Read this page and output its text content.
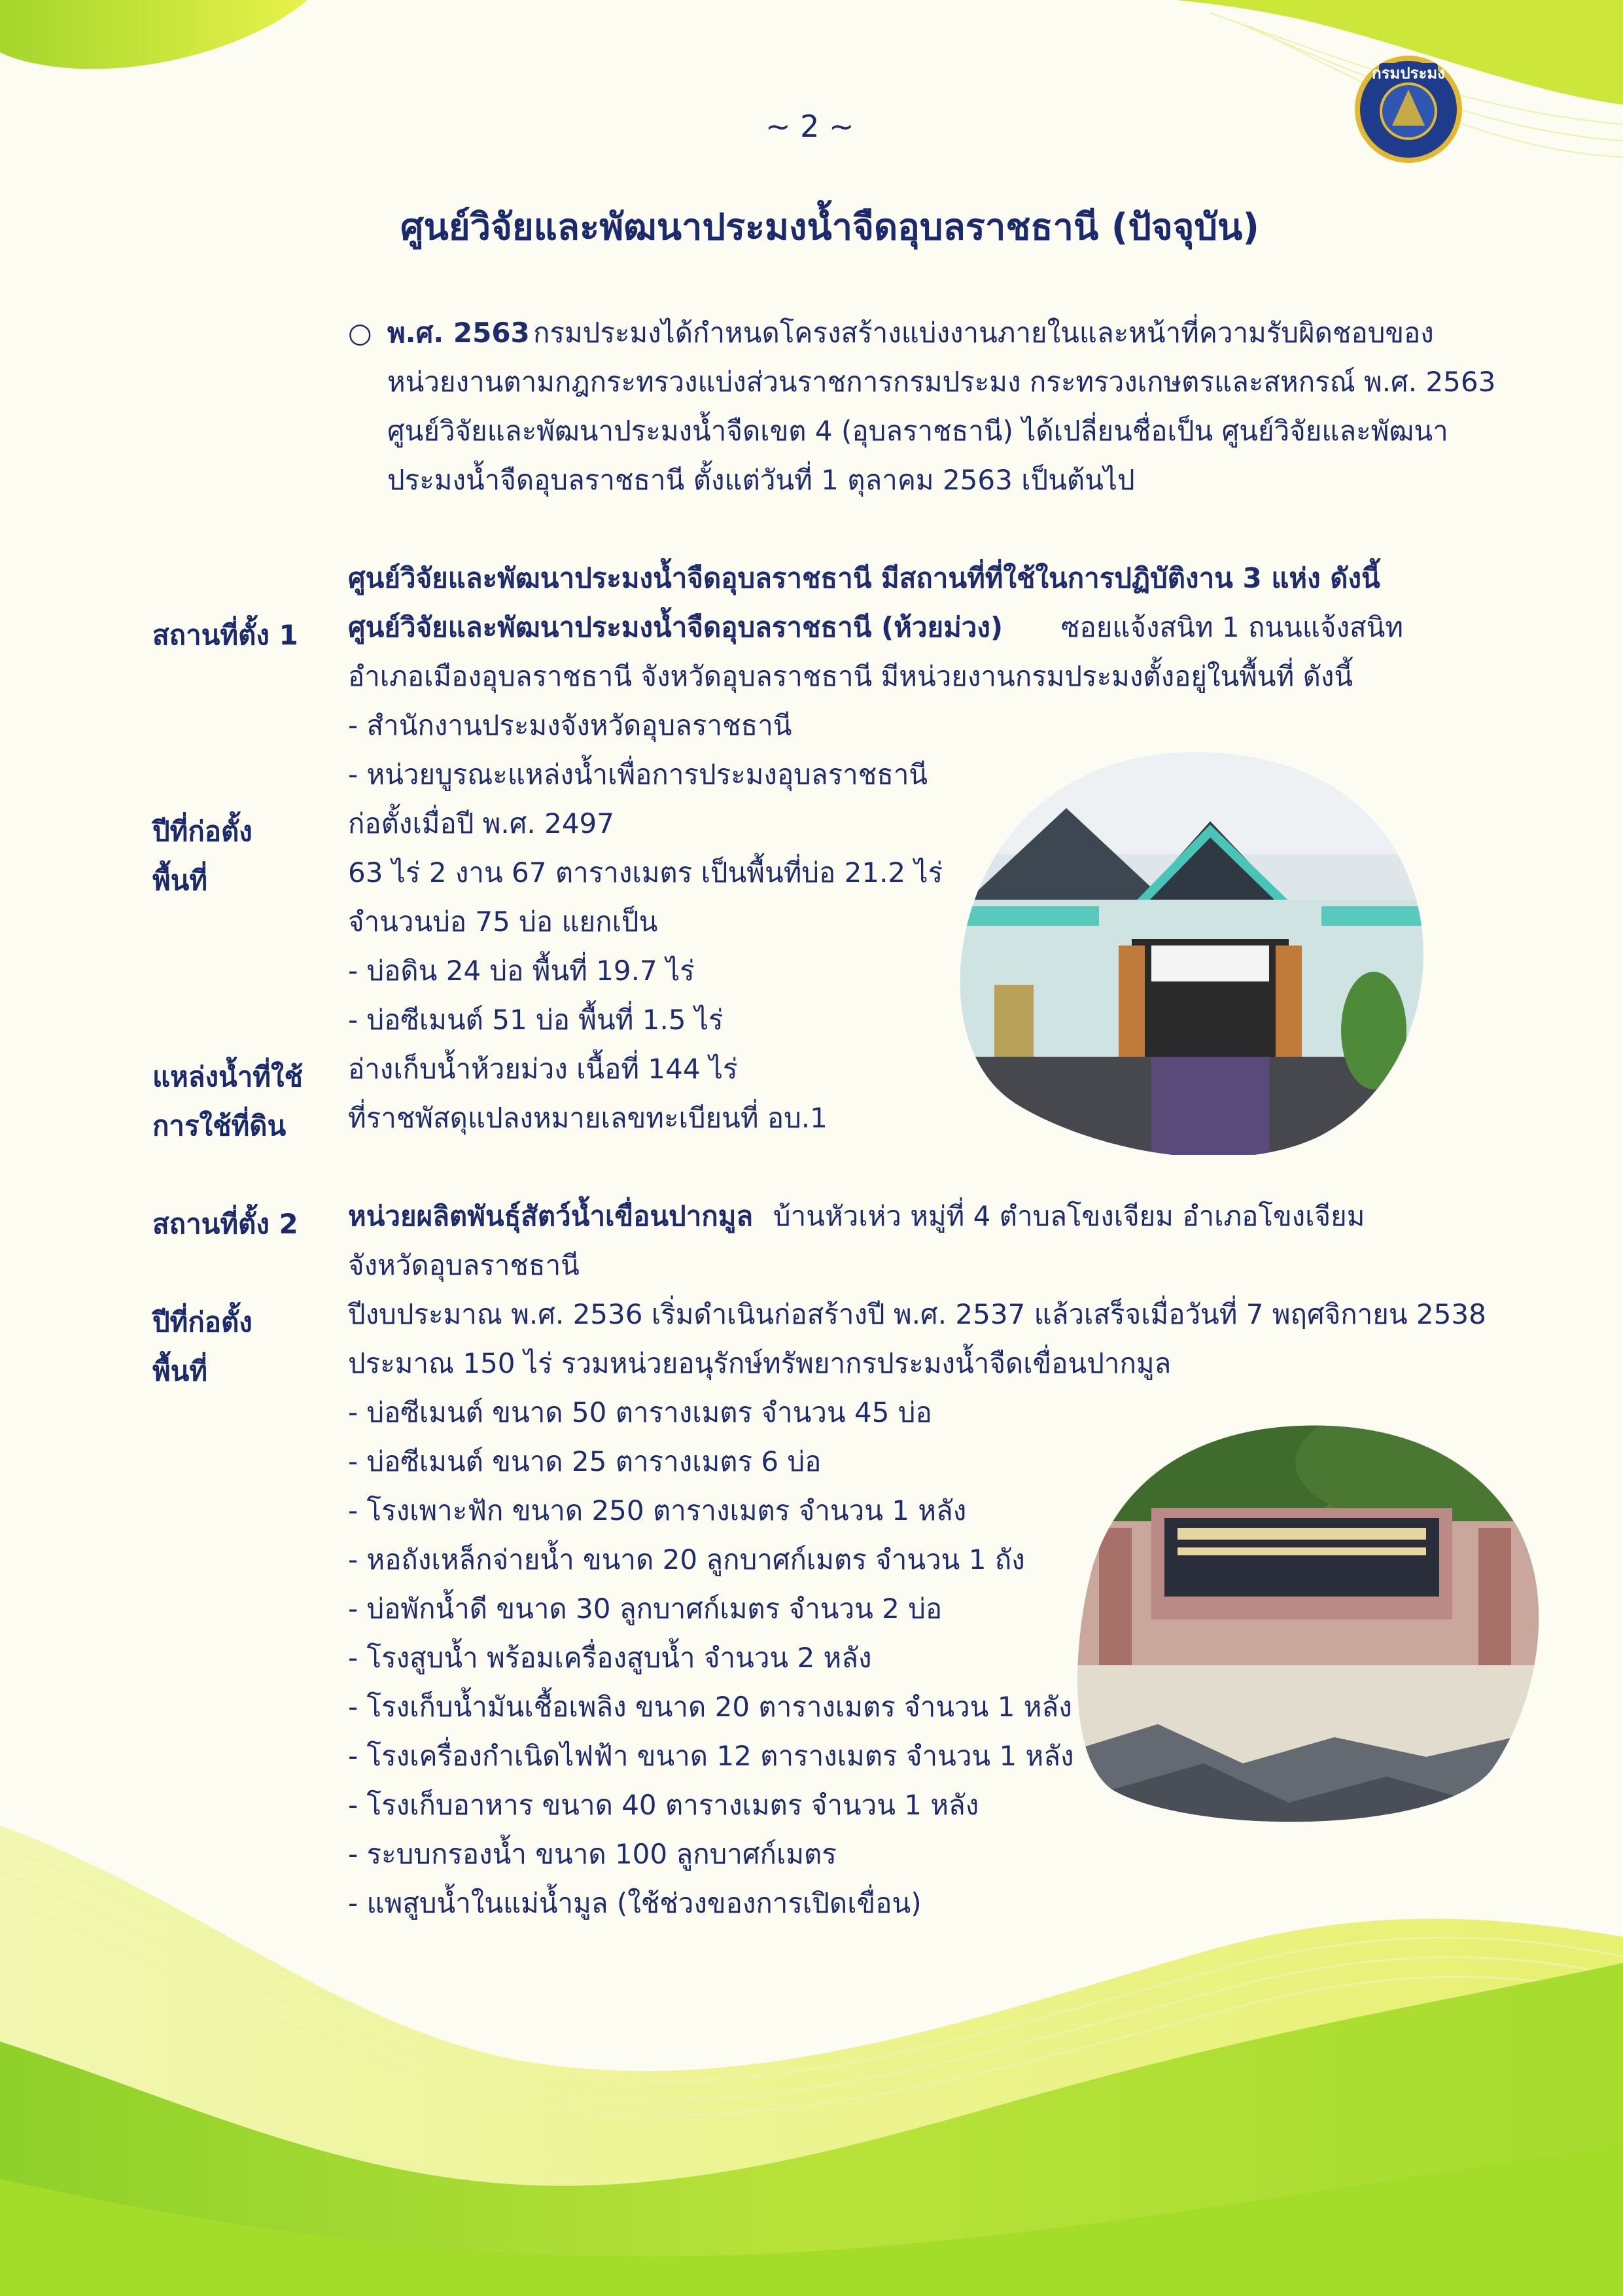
กรมประมง
~ 2 ~
ศูนย์วิจัยและพัฒนาประมงน้ำจืดอุบลราชธานี (ปัจจุบัน)
○ พ.ศ. 2563 กรมประมงได้กำหนดโครงสร้างแบ่งงานภายในและหน้าที่ความรับผิดชอบของ
หน่วยงานตามกฎกระทรวงแบ่งส่วนราชการกรมประมง กระทรวงเกษตรและสหกรณ์ พ.ศ. 2563
ศูนย์วิจัยและพัฒนาประมงน้ำจืดเขต 4 (อุบลราชธานี) ได้เปลี่ยนชื่อเป็น ศูนย์วิจัยและพัฒนา
ประมงน้ำจืดอุบลราชธานี ตั้งแต่วันที่ 1 ตุลาคม 2563 เป็นต้นไป
ศูนย์วิจัยและพัฒนาประมงน้ำจืดอุบลราชธานี มีสถานที่ที่ใช้ในการปฏิบัติงาน 3 แห่ง ดังนี้
สถานที่ตั้ง 1 ศูนย์วิจัยและพัฒนาประมงน้ำจืดอุบลราชธานี (ห้วยม่วง) ซอยแจ้งสนิท 1 ถนนแจ้งสนิท
อำเภอเมืองอุบลราชธานี จังหวัดอุบลราชธานี มีหน่วยงานกรมประมงตั้งอยู่ในพื้นที่ ดังนี้
- สำนักงานประมงจังหวัดอุบลราชธานี
- หน่วยบูรณะแหล่งน้ำเพื่อการประมงอุบลราชธานี
ปีที่ก่อตั้ง	ก่อตั้งเมื่อปี พ.ศ. 2497
พื้นที่	63 ไร่ 2 งาน 67 ตารางเมตร เป็นพื้นที่บ่อ 21.2 ไร่
จำนวนบ่อ 75 บ่อ แยกเป็น
- บ่อดิน 24 บ่อ พื้นที่ 19.7 ไร่
- บ่อซีเมนต์ 51 บ่อ พื้นที่ 1.5 ไร่
แหล่งน้ำที่ใช้ อ่างเก็บน้ำห้วยม่วง เนื้อที่ 144 ไร่
การใช้ที่ดิน ที่ราชพัสดุแปลงหมายเลขทะเบียนที่ อบ.1
สถานที่ตั้ง 2 หน่วยผลิตพันธุ์สัตว์น้ำเขื่อนปากมูล บ้านหัวเห่ว หมู่ที่ 4 ตำบลโขงเจียม อำเภอโขงเจียม
จังหวัดอุบลราชธานี
ปีที่ก่อตั้ง	ปีงบประมาณ พ.ศ. 2536 เริ่มดำเนินก่อสร้างปี พ.ศ. 2537 แล้วเสร็จเมื่อวันที่ 7 พฤศจิกายน 2538
พื้นที่	ประมาณ 150 ไร่ รวมหน่วยอนุรักษ์ทรัพยากรประมงน้ำจืดเขื่อนปากมูล
- บ่อซีเมนต์ ขนาด 50 ตารางเมตร จำนวน 45 บ่อ
- บ่อซีเมนต์ ขนาด 25 ตารางเมตร 6 บ่อ
- โรงเพาะฟัก ขนาด 250 ตารางเมตร จำนวน 1 หลัง
- หอถังเหล็กจ่ายน้ำ ขนาด 20 ลูกบาศก์เมตร จำนวน 1 ถัง
- บ่อพักน้ำดี ขนาด 30 ลูกบาศก์เมตร จำนวน 2 บ่อ
- โรงสูบน้ำ พร้อมเครื่องสูบน้ำ จำนวน 2 หลัง
- โรงเก็บน้ำมันเชื้อเพลิง ขนาด 20 ตารางเมตร จำนวน 1 หลัง
- โรงเครื่องกำเนิดไฟฟ้า ขนาด 12 ตารางเมตร จำนวน 1 หลัง
- โรงเก็บอาหาร ขนาด 40 ตารางเมตร จำนวน 1 หลัง
- ระบบกรองน้ำ ขนาด 100 ลูกบาศก์เมตร
- แพสูบน้ำในแม่น้ำมูล (ใช้ช่วงของการเปิดเขื่อน)
